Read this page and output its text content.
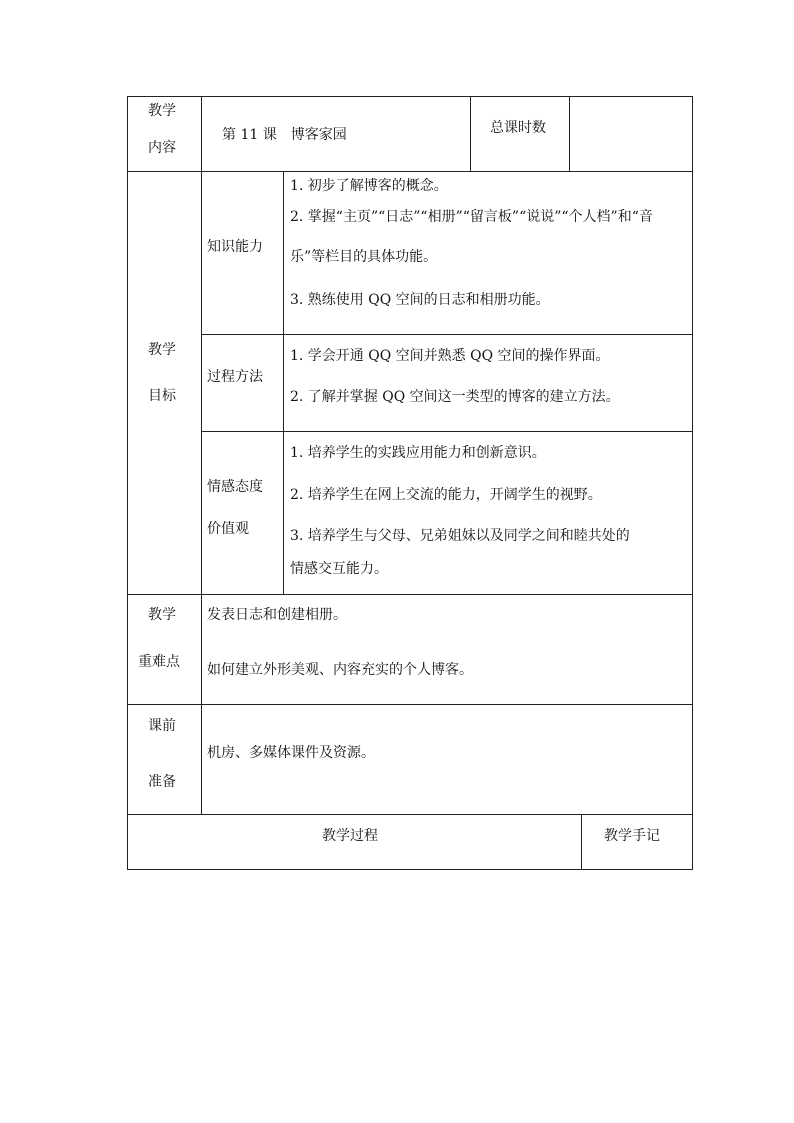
教学
内容
第 11 课　博客家园	总课时数
教学
目标
知识能力
1. 初步了解博客的概念。
2. 掌握“主页”“日志”“相册”“留言板”“说说”“个人档”和“音
乐”等栏目的具体功能。
3. 熟练使用 QQ 空间的日志和相册功能。
过程方法
1. 学会开通 QQ 空间并熟悉 QQ 空间的操作界面。
2. 了解并掌握 QQ 空间这一类型的博客的建立方法。
情感态度
价值观
1. 培养学生的实践应用能力和创新意识。
2. 培养学生在网上交流的能力，开阔学生的视野。
3. 培养学生与父母、兄弟姐妹以及同学之间和睦共处的
情感交互能力。
教学
重难点
发表日志和创建相册。
如何建立外形美观、内容充实的个人博客。
课前
准备
机房、多媒体课件及资源。
教学过程	教学手记
